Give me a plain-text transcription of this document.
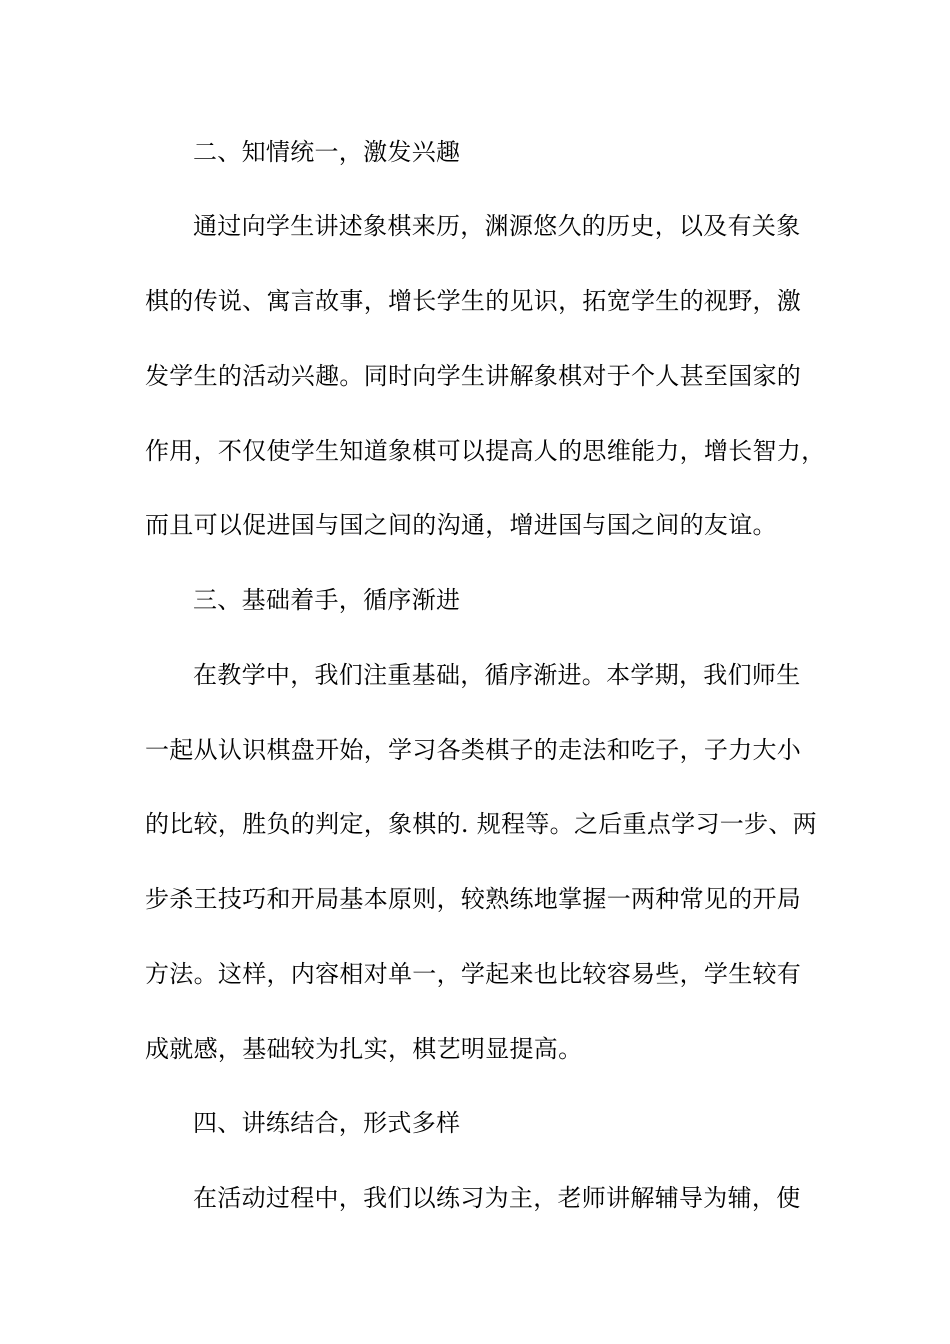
二、知情统一，激发兴趣
通过向学生讲述象棋来历，渊源悠久的历史，以及有关象
棋的传说、寓言故事，增长学生的见识，拓宽学生的视野，激
发学生的活动兴趣。同时向学生讲解象棋对于个人甚至国家的
作用，不仅使学生知道象棋可以提高人的思维能力，增长智力，
而且可以促进国与国之间的沟通，增进国与国之间的友谊。
三、基础着手，循序渐进
在教学中，我们注重基础，循序渐进。本学期，我们师生
一起从认识棋盘开始，学习各类棋子的走法和吃子，子力大小
的比较，胜负的判定，象棋的. 规程等。之后重点学习一步、两
步杀王技巧和开局基本原则，较熟练地掌握一两种常见的开局
方法。这样，内容相对单一，学起来也比较容易些，学生较有
成就感，基础较为扎实，棋艺明显提高。
四、讲练结合，形式多样
在活动过程中，我们以练习为主，老师讲解辅导为辅，使
